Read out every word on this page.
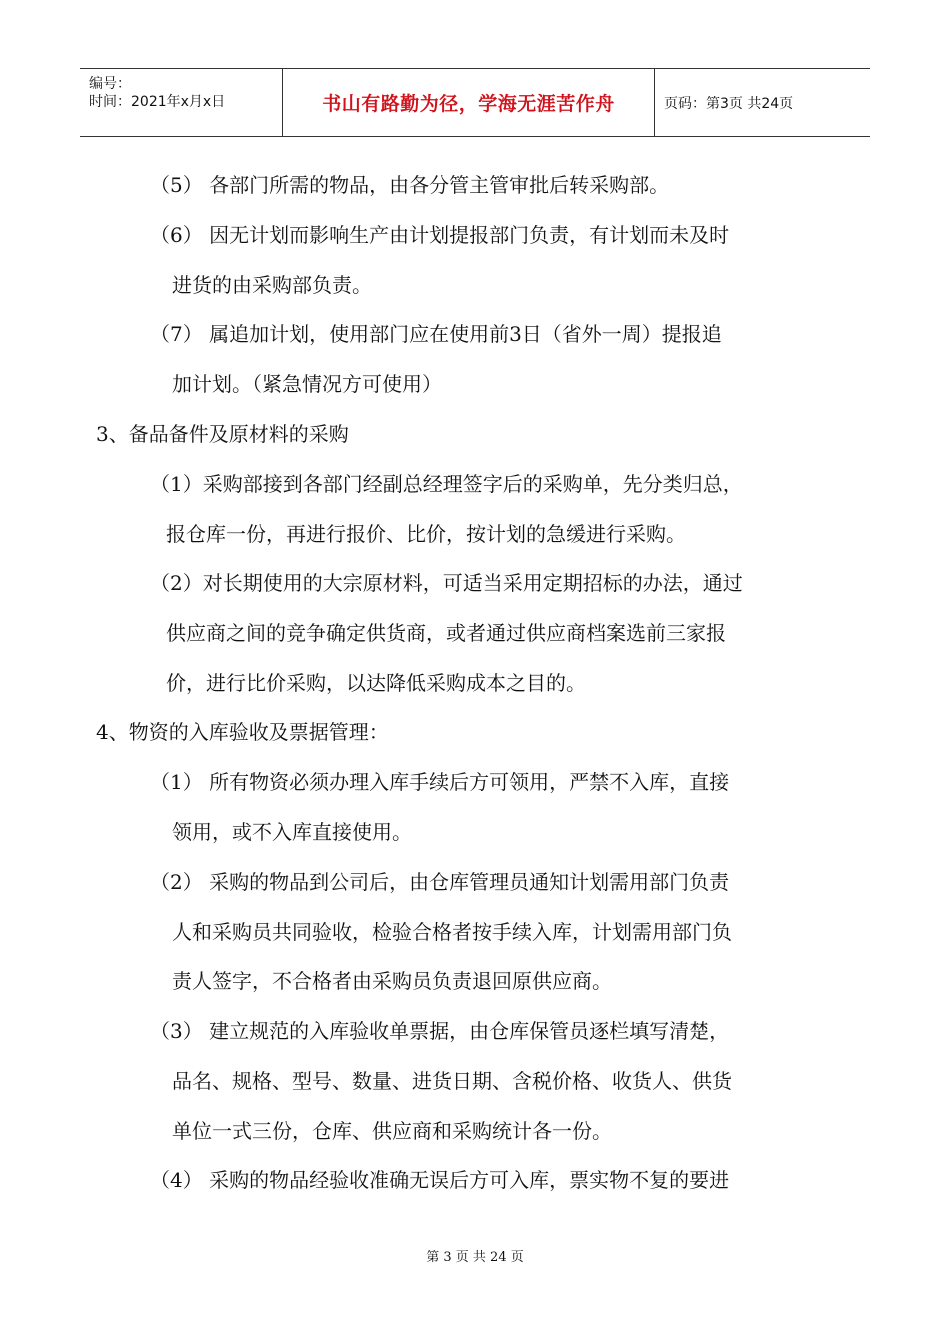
编号：
时间：2021年x月x日	书山有路勤为径，学海无涯苦作舟	页码：第3页 共24页
（5） 各部门所需的物品，由各分管主管审批后转采购部。
（6） 因无计划而影响生产由计划提报部门负责，有计划而未及时
进货的由采购部负责。
（7） 属追加计划，使用部门应在使用前3日（省外一周）提报追
加计划。（紧急情况方可使用）
3、备品备件及原材料的采购
（1）采购部接到各部门经副总经理签字后的采购单，先分类归总，
报仓库一份，再进行报价、比价，按计划的急缓进行采购。
（2）对长期使用的大宗原材料，可适当采用定期招标的办法，通过
供应商之间的竞争确定供货商，或者通过供应商档案选前三家报
价，进行比价采购，以达降低采购成本之目的。
4、物资的入库验收及票据管理：
（1） 所有物资必须办理入库手续后方可领用，严禁不入库，直接
领用，或不入库直接使用。
（2） 采购的物品到公司后，由仓库管理员通知计划需用部门负责
人和采购员共同验收，检验合格者按手续入库，计划需用部门负
责人签字，不合格者由采购员负责退回原供应商。
（3） 建立规范的入库验收单票据，由仓库保管员逐栏填写清楚，
品名、规格、型号、数量、进货日期、含税价格、收货人、供货
单位一式三份，仓库、供应商和采购统计各一份。
（4） 采购的物品经验收准确无误后方可入库，票实物不复的要进
第 3 页 共 24 页
